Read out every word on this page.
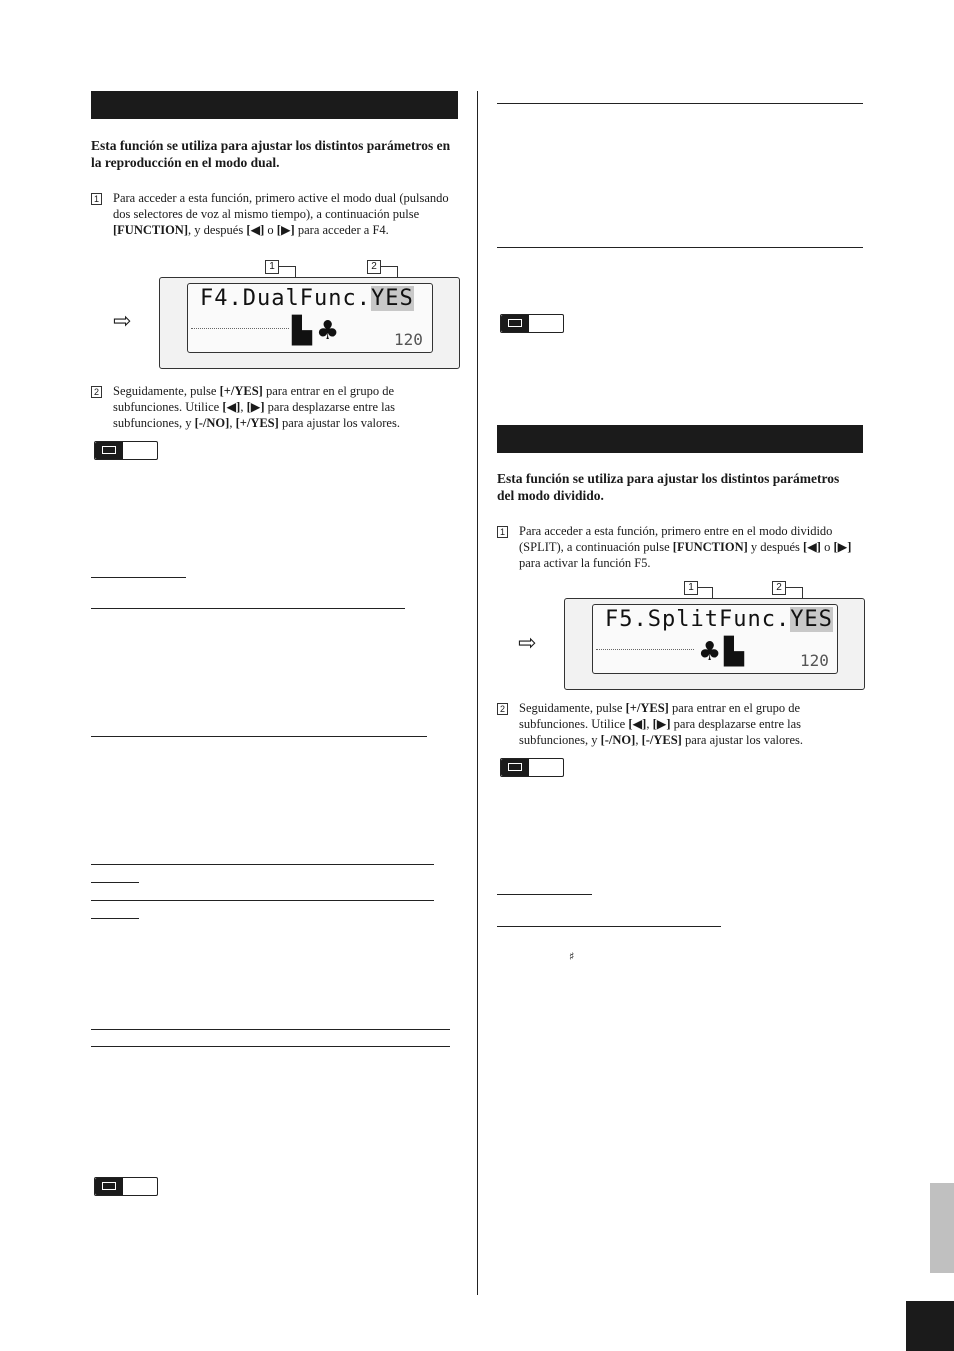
Esta función se utiliza para ajustar los distintos parámetros en la reproducción en el modo dual.
1 Para acceder a esta función, primero active el modo dual (pulsando dos selectores de voz al mismo tiempo), a continuación pulse [FUNCTION], y después [◀] o [▶] para acceder a F4.
1	2
⇨
F4.DualFunc.YES
▙ ♣	120
2 Seguidamente, pulse [+/YES] para entrar en el grupo de subfunciones. Utilice [◀], [▶] para desplazarse entre las subfunciones, y [-/NO], [+/YES] para ajustar los valores.
Esta función se utiliza para ajustar los distintos parámetros del modo dividido.
1 Para acceder a esta función, primero entre en el modo dividido (SPLIT), a continuación pulse [FUNCTION] y después [◀] o [▶] para activar la función F5.
1	2
⇨
F5.SplitFunc.YES
♣ ▙	120
2 Seguidamente, pulse [+/YES] para entrar en el grupo de subfunciones. Utilice [◀], [▶] para desplazarse entre las subfunciones, y [-/NO], [-/YES] para ajustar los valores.
♯
